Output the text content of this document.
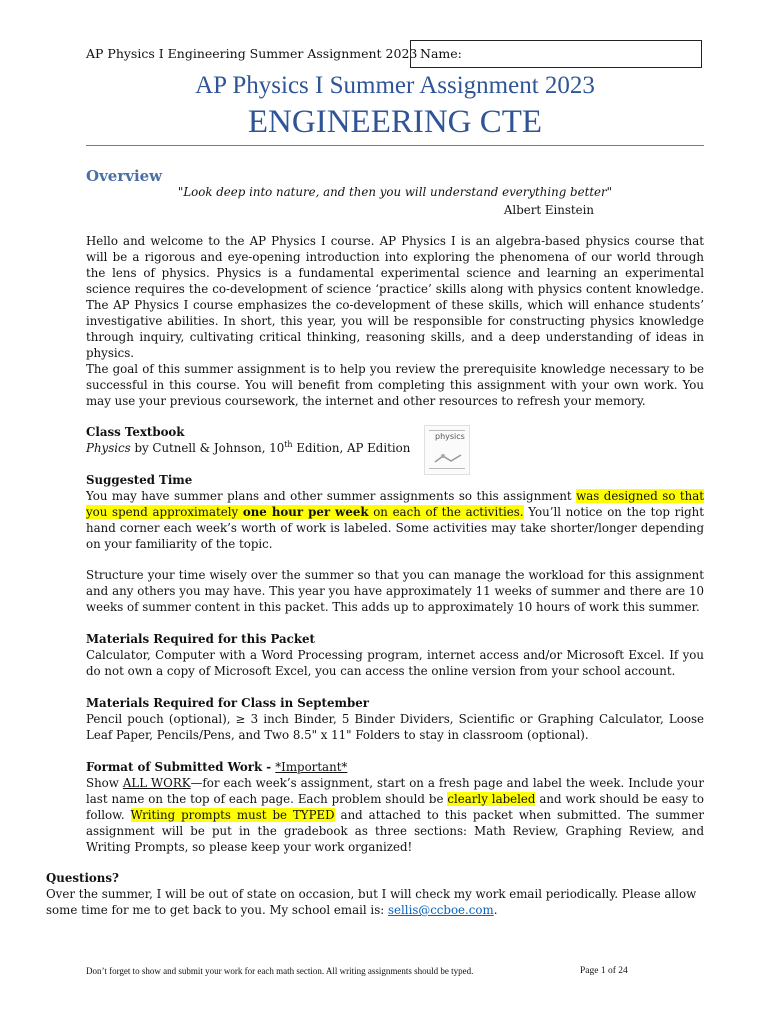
AP Physics I Engineering Summer Assignment 2023 Name:
AP Physics I Summer Assignment 2023
ENGINEERING CTE
Overview
"Look deep into nature, and then you will understand everything better"
Albert Einstein
Hello and welcome to the AP Physics I course. AP Physics I is an algebra-based physics course that will be a rigorous and eye-opening introduction into exploring the phenomena of our world through the lens of physics. Physics is a fundamental experimental science and learning an experimental science requires the co-development of science ‘practice’ skills along with physics content knowledge. The AP Physics I course emphasizes the co-development of these skills, which will enhance students’ investigative abilities. In short, this year, you will be responsible for constructing physics knowledge through inquiry, cultivating critical thinking, reasoning skills, and a deep understanding of ideas in physics.
The goal of this summer assignment is to help you review the prerequisite knowledge necessary to be successful in this course. You will benefit from completing this assignment with your own work. You may use your previous coursework, the internet and other resources to refresh your memory.
Class Textbook
Physics by Cutnell & Johnson, 10th Edition, AP Edition
physics
Suggested Time
You may have summer plans and other summer assignments so this assignment was designed so that you spend approximately one hour per week on each of the activities. You’ll notice on the top right hand corner each week’s worth of work is labeled. Some activities may take shorter/longer depending on your familiarity of the topic.
Structure your time wisely over the summer so that you can manage the workload for this assignment and any others you may have. This year you have approximately 11 weeks of summer and there are 10 weeks of summer content in this packet. This adds up to approximately 10 hours of work this summer.
Materials Required for this Packet
Calculator, Computer with a Word Processing program, internet access and/or Microsoft Excel. If you do not own a copy of Microsoft Excel, you can access the online version from your school account.
Materials Required for Class in September
Pencil pouch (optional), ≥ 3 inch Binder, 5 Binder Dividers, Scientific or Graphing Calculator, Loose Leaf Paper, Pencils/Pens, and Two 8.5" x 11" Folders to stay in classroom (optional).
Format of Submitted Work - *Important*
Show ALL WORK—for each week’s assignment, start on a fresh page and label the week. Include your last name on the top of each page. Each problem should be clearly labeled and work should be easy to follow. Writing prompts must be TYPED and attached to this packet when submitted. The summer assignment will be put in the gradebook as three sections: Math Review, Graphing Review, and Writing Prompts, so please keep your work organized!
Questions?
Over the summer, I will be out of state on occasion, but I will check my work email periodically. Please allow some time for me to get back to you. My school email is: sellis@ccboe.com.
Don’t forget to show and submit your work for each math section. All writing assignments should be typed.	Page 1 of 24
